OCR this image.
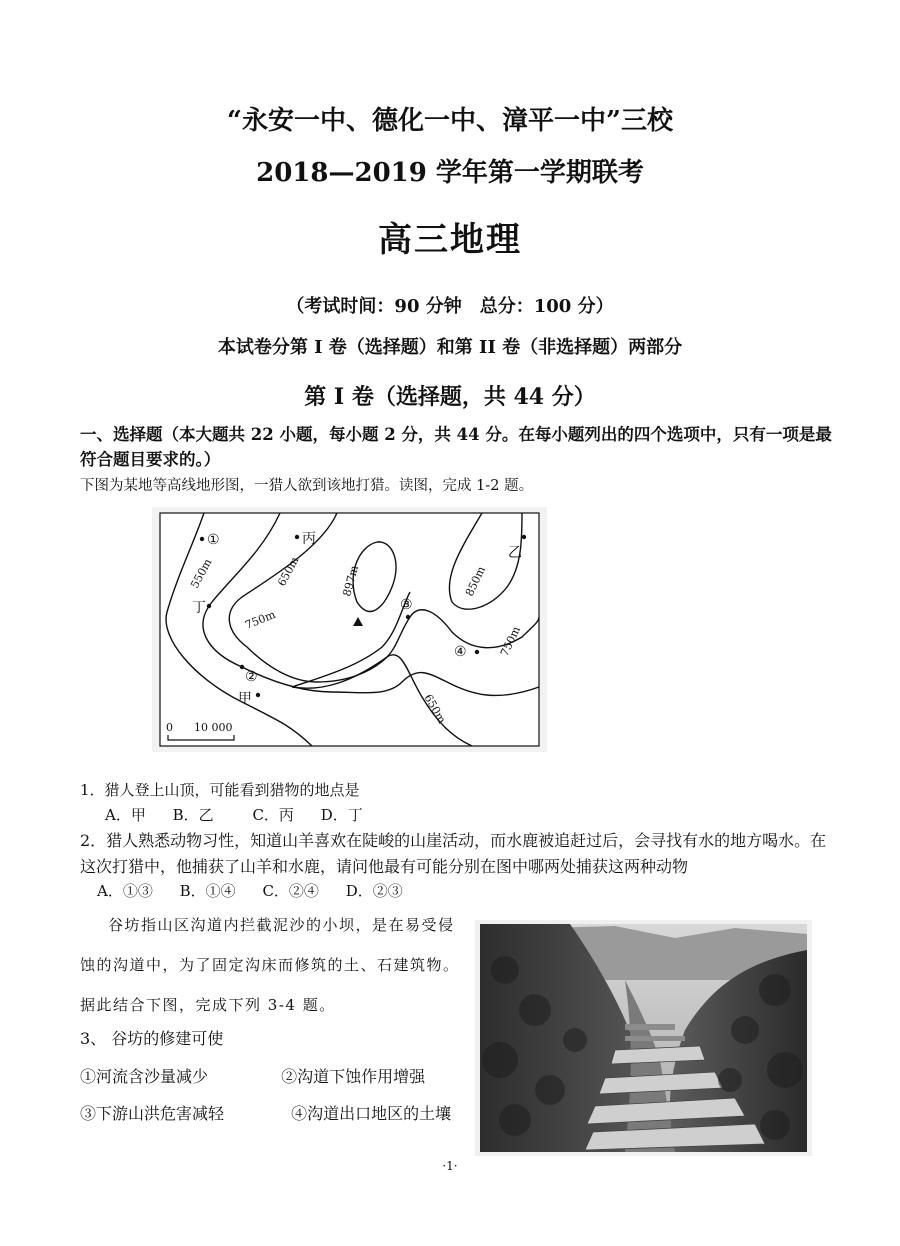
“永安一中、德化一中、漳平一中”三校
2018—2019 学年第一学期联考
高三地理
（考试时间：90 分钟　总分：100 分）
本试卷分第 I 卷（选择题）和第 II 卷（非选择题）两部分
第 I 卷（选择题，共 44 分）
一、选择题（本大题共 22 小题，每小题 2 分，共 44 分。在每小题列出的四个选项中，只有一项是最符合题目要求的。）
下图为某地等高线地形图，一猎人欲到该地打猎。读图，完成 1-2 题。
①	丙
乙
丁	③
④
②
甲
550m	650m
750m
897m	850m
750m
650m
0 10 000
1．猎人登上山顶，可能看到猎物的地点是
A．甲 B．乙	C．丙 D．丁
2．猎人熟悉动物习性，知道山羊喜欢在陡峻的山崖活动，而水鹿被追赶过后，会寻找有水的地方喝水。在这次打猎中，他捕获了山羊和水鹿，请问他最有可能分别在图中哪两处捕获这两种动物
A．①③ B．①④ C．②④ D．②③
谷坊指山区沟道内拦截泥沙的小坝，是在易受侵蚀的沟道中，为了固定沟床而修筑的土、石建筑物。据此结合下图，完成下列 3-4 题。
3、 谷坊的修建可使
①河流含沙量减少	②沟道下蚀作用增强
③下游山洪危害减轻	④沟道出口地区的土壤
·1·
